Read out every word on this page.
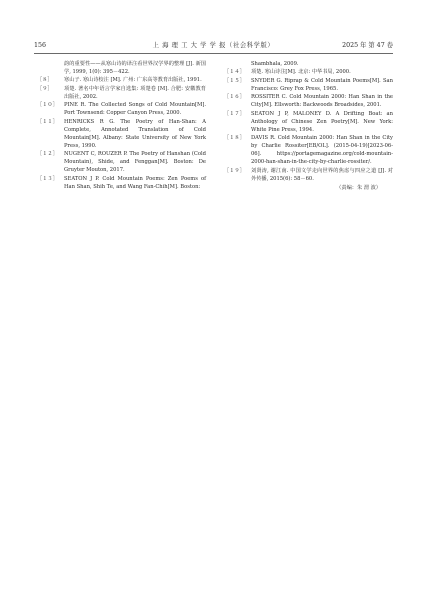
156	上 海 理 工 大 学 学 报（社会科学版）	2025 年 第 47 卷
韵的重要性——从寒山诗的译注看世界汉学界的整理 [J]. 新国学, 1999, 1(0): 395－422.
［８］ 寒山子. 寒山诗校注 [M]. 广州: 广东高等教育出版社, 1991.
［９］ 项楚. 著名中年语言学家自选集: 项楚卷 [M]. 合肥: 安徽教育出版社, 2002.
［１０］ PINE R. The Collected Songs of Cold Mountain[M]. Port Townsend: Copper Canyon Press, 2000.
［１１］ HENRICKS R G. The Poetry of Han-Shan: A Complete, Annotated Translation of Cold Mountain[M]. Albany: State University of New York Press, 1990.
［１２］ NUGENT C, ROUZER P. The Poetry of Hanshan (Cold Mountain), Shide, and Fenggan[M]. Boston: De Gruyter Mouton, 2017.
［１３］ SEATON J P. Cold Mountain Poems: Zen Poems of Han Shan, Shih Te, and Wang Fan-Chih[M]. Boston:
Shambhala, 2009.
［１４］ 项楚. 寒山诗注[M]. 北京: 中华书局, 2000.
［１５］ SNYDER G. Riprap & Cold Mountain Poems[M]. San Francisco: Grey Fox Press, 1965.
［１６］ ROSSITER C. Cold Mountain 2000: Han Shan in the City[M]. Ellsworth: Backwoods Broadsides, 2001.
［１７］ SEATON J P, MALONEY D. A Drifting Boat: an Anthology of Chinese Zen Poetry[M]. New York: White Pine Press, 1994.
［１８］ DAVIS R. Cold Mountain 2000: Han Shan in the City by Charlie Rossiter[EB/OL]. (2015-04-19)[2023-06-06]. https://portagemagazine.org/cold-mountain-2000-han-shan-in-the-city-by-charlie-rossiter/.
［１９］ 刘贤涛, 谢江南. 中国文学走向世界的焦虑与四应之道 [J]. 对外传播, 2015(6): 58－60.
（责编：朱 渭 波）
